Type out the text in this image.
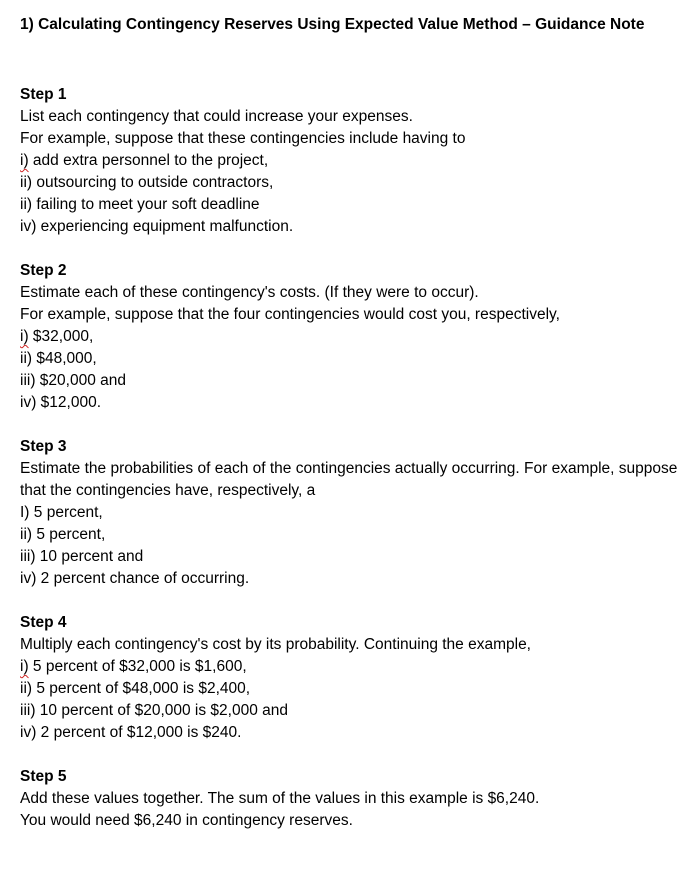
1) Calculating Contingency Reserves Using Expected Value Method – Guidance Note

Step 1

List each contingency that could increase your expenses.

For example, suppose that these contingencies include having to

i) add extra personnel to the project,

ii) outsourcing to outside contractors,

ii) failing to meet your soft deadline

iv) experiencing equipment malfunction.

Step 2

Estimate each of these contingency's costs. (If they were to occur).

For example, suppose that the four contingencies would cost you, respectively,

i) $32,000,

ii) $48,000,

iii) $20,000 and

iv) $12,000.

Step 3

Estimate the probabilities of each of the contingencies actually occurring. For example, suppose that the contingencies have, respectively, a

I) 5 percent,

ii) 5 percent,

iii) 10 percent and

iv) 2 percent chance of occurring.

Step 4

Multiply each contingency's cost by its probability. Continuing the example,

i) 5 percent of $32,000 is $1,600,

ii) 5 percent of $48,000 is $2,400,

iii) 10 percent of $20,000 is $2,000 and

iv) 2 percent of $12,000 is $240.

Step 5

Add these values together. The sum of the values in this example is $6,240.

You would need $6,240 in contingency reserves.
